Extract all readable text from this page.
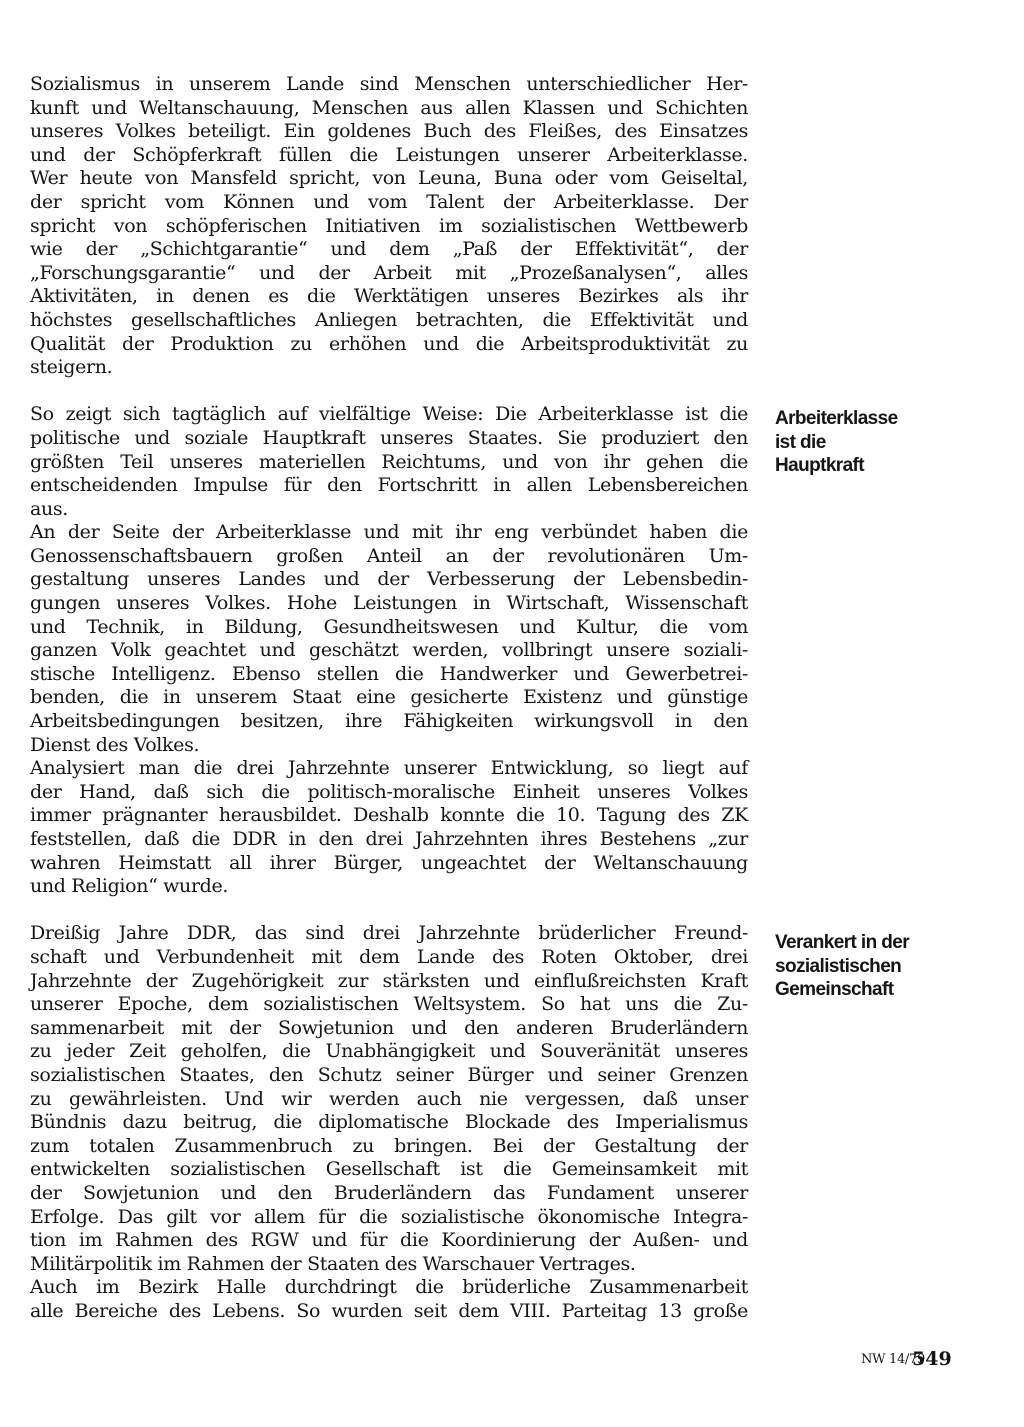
Sozialismus in unserem Lande sind Menschen unterschiedlicher Her-
kunft und Weltanschauung, Menschen aus allen Klassen und Schichten
unseres Volkes beteiligt. Ein goldenes Buch des Fleißes, des Einsatzes
und der Schöpferkraft füllen die Leistungen unserer Arbeiterklasse.
Wer heute von Mansfeld spricht, von Leuna, Buna oder vom Geiseltal,
der spricht vom Können und vom Talent der Arbeiterklasse. Der
spricht von schöpferischen Initiativen im sozialistischen Wettbewerb
wie der „Schichtgarantie“ und dem „Paß der Effektivität“, der
„Forschungsgarantie“ und der Arbeit mit „Prozeßanalysen“, alles
Aktivitäten, in denen es die Werktätigen unseres Bezirkes als ihr
höchstes gesellschaftliches Anliegen betrachten, die Effektivität und
Qualität der Produktion zu erhöhen und die Arbeitsproduktivität zu
steigern.
So zeigt sich tagtäglich auf vielfältige Weise: Die Arbeiterklasse ist die
politische und soziale Hauptkraft unseres Staates. Sie produziert den
größten Teil unseres materiellen Reichtums, und von ihr gehen die
entscheidenden Impulse für den Fortschritt in allen Lebensbereichen
aus.
An der Seite der Arbeiterklasse und mit ihr eng verbündet haben die
Genossenschaftsbauern großen Anteil an der revolutionären Um-
gestaltung unseres Landes und der Verbesserung der Lebensbedin-
gungen unseres Volkes. Hohe Leistungen in Wirtschaft, Wissenschaft
und Technik, in Bildung, Gesundheitswesen und Kultur, die vom
ganzen Volk geachtet und geschätzt werden, vollbringt unsere soziali-
stische Intelligenz. Ebenso stellen die Handwerker und Gewerbetrei-
benden, die in unserem Staat eine gesicherte Existenz und günstige
Arbeitsbedingungen besitzen, ihre Fähigkeiten wirkungsvoll in den
Dienst des Volkes.
Analysiert man die drei Jahrzehnte unserer Entwicklung, so liegt auf
der Hand, daß sich die politisch-moralische Einheit unseres Volkes
immer prägnanter herausbildet. Deshalb konnte die 10. Tagung des ZK
feststellen, daß die DDR in den drei Jahrzehnten ihres Bestehens „zur
wahren Heimstatt all ihrer Bürger, ungeachtet der Weltanschauung
und Religion“ wurde.
Dreißig Jahre DDR, das sind drei Jahrzehnte brüderlicher Freund-
schaft und Verbundenheit mit dem Lande des Roten Oktober, drei
Jahrzehnte der Zugehörigkeit zur stärksten und einflußreichsten Kraft
unserer Epoche, dem sozialistischen Weltsystem. So hat uns die Zu-
sammenarbeit mit der Sowjetunion und den anderen Bruderländern
zu jeder Zeit geholfen, die Unabhängigkeit und Souveränität unseres
sozialistischen Staates, den Schutz seiner Bürger und seiner Grenzen
zu gewährleisten. Und wir werden auch nie vergessen, daß unser
Bündnis dazu beitrug, die diplomatische Blockade des Imperialismus
zum totalen Zusammenbruch zu bringen. Bei der Gestaltung der
entwickelten sozialistischen Gesellschaft ist die Gemeinsamkeit mit
der Sowjetunion und den Bruderländern das Fundament unserer
Erfolge. Das gilt vor allem für die sozialistische ökonomische Integra-
tion im Rahmen des RGW und für die Koordinierung der Außen- und
Militärpolitik im Rahmen der Staaten des Warschauer Vertrages.
Auch im Bezirk Halle durchdringt die brüderliche Zusammenarbeit
alle Bereiche des Lebens. So wurden seit dem VIII. Parteitag 13 große
Arbeiterklasse
ist die
Hauptkraft
Verankert in der
sozialistischen
Gemeinschaft
NW 14/79
549
